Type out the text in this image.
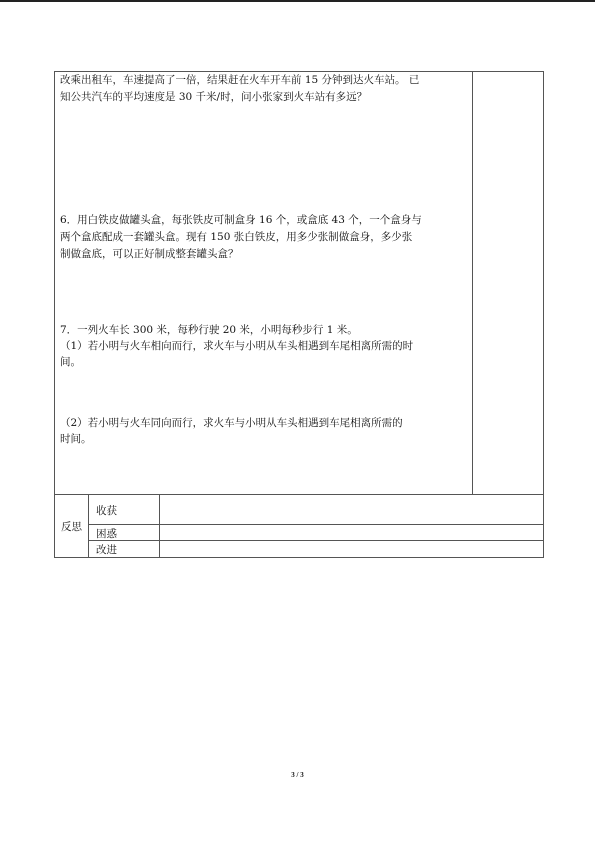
改乘出租车，车速提高了一倍，结果赶在火车开车前 15 分钟到达火车站。 已
知公共汽车的平均速度是 30 千米/时，问小张家到火车站有多远？
6．用白铁皮做罐头盒，每张铁皮可制盒身 16 个，或盒底 43 个，一个盒身与
两个盒底配成一套罐头盒。现有 150 张白铁皮，用多少张制做盒身，多少张
制做盒底，可以正好制成整套罐头盒？
7．一列火车长 300 米，每秒行驶 20 米，小明每秒步行 1 米。
（1）若小明与火车相向而行，求火车与小明从车头相遇到车尾相离所需的时
间。
（2）若小明与火车同向而行，求火车与小明从车头相遇到车尾相离所需的
时间。
反思
收获
困惑
改进
3 / 3
